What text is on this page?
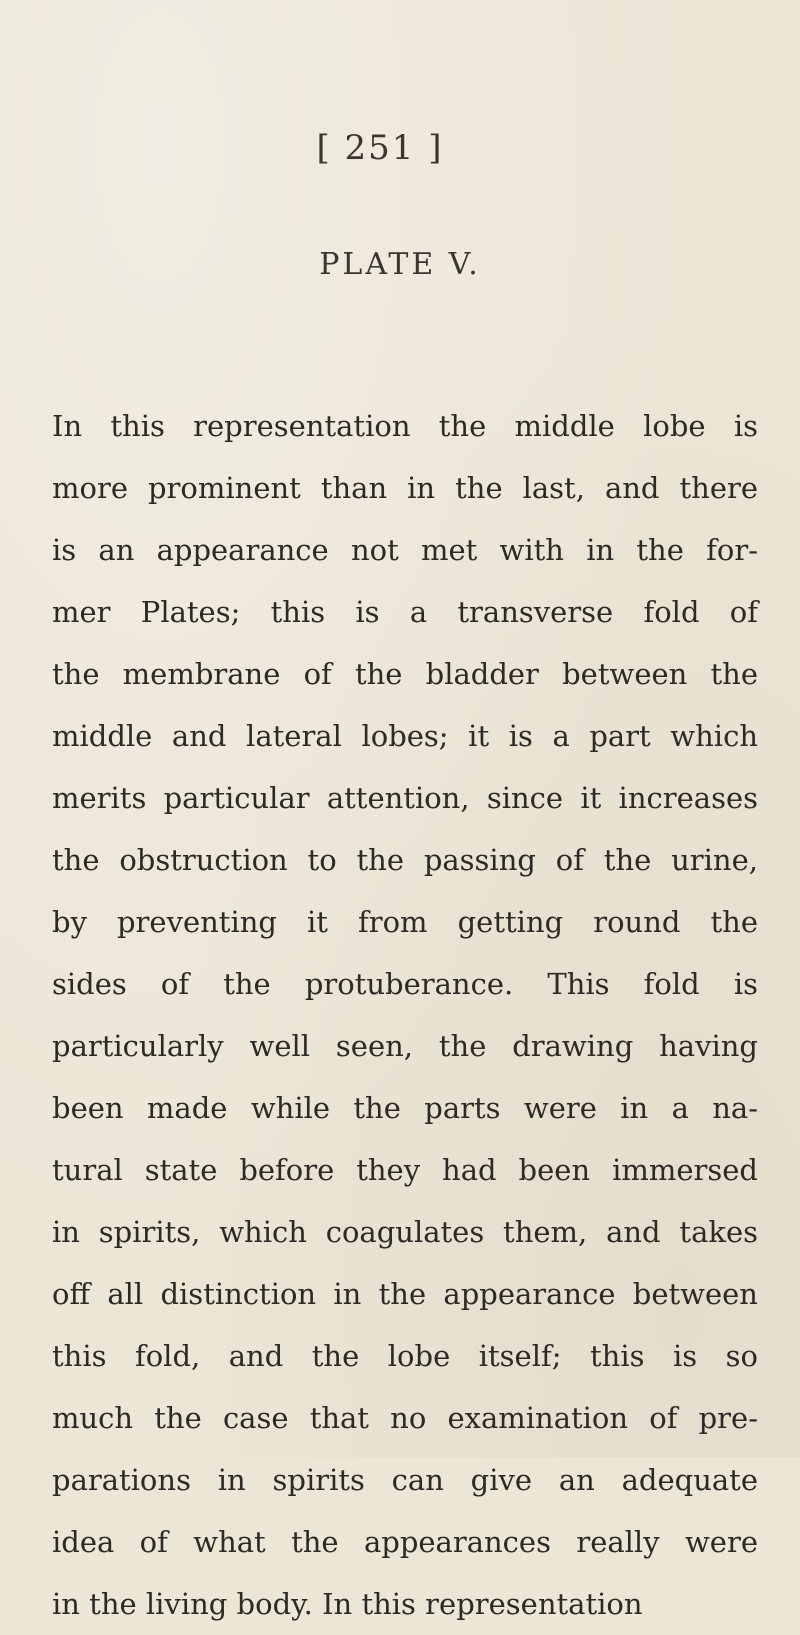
[ 251 ]
PLATE V.
In this representation the middle lobe is
more prominent than in the last, and there
is an appearance not met with in the for-
mer Plates; this is a transverse fold of
the membrane of the bladder between the
middle and lateral lobes; it is a part which
merits particular attention, since it increases
the obstruction to the passing of the urine,
by preventing it from getting round the
sides of the protuberance. This fold is
particularly well seen, the drawing having
been made while the parts were in a na-
tural state before they had been immersed
in spirits, which coagulates them, and takes
off all distinction in the appearance between
this fold, and the lobe itself; this is so
much the case that no examination of pre-
parations in spirits can give an adequate
idea of what the appearances really were
in the living body. In this representation
